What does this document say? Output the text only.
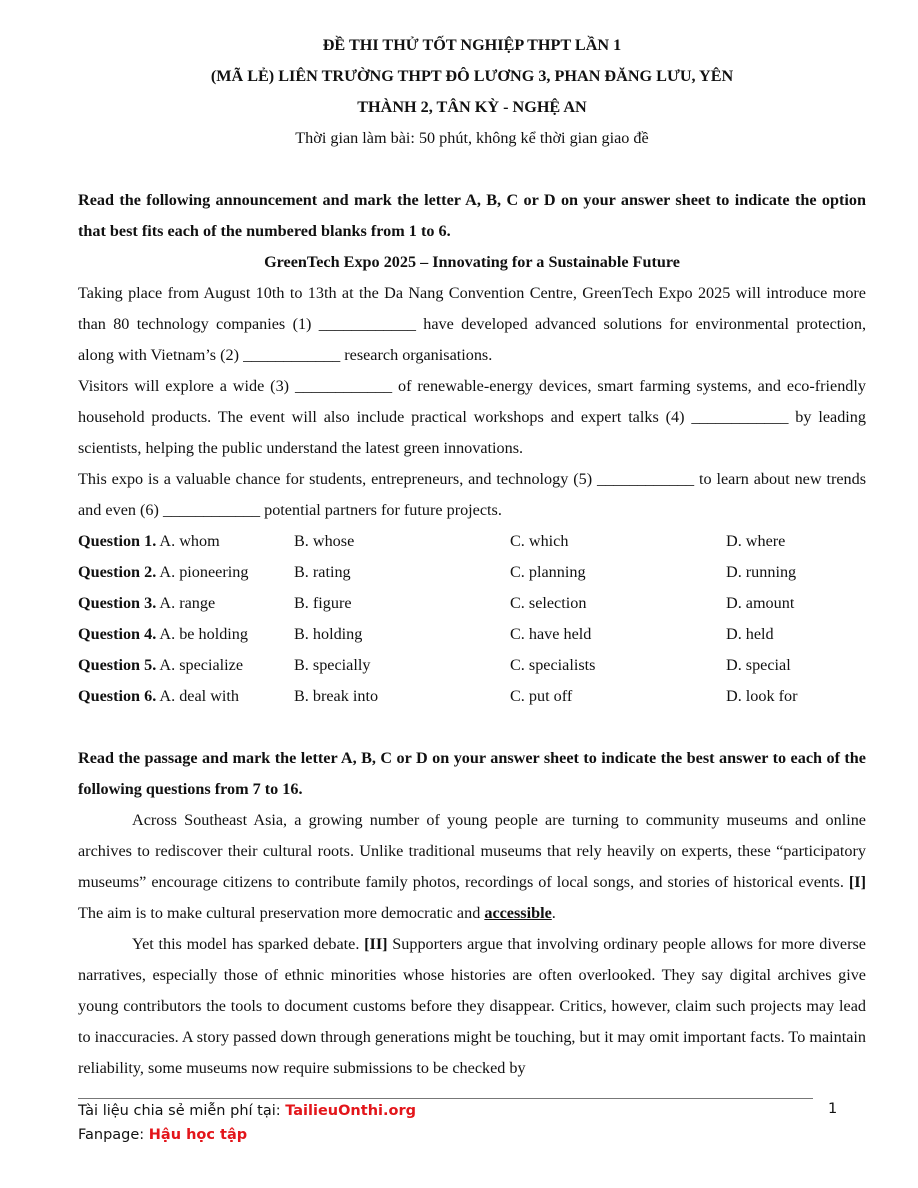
ĐỀ THI THỬ TỐT NGHIỆP THPT LẦN 1
(MÃ LẺ) LIÊN TRƯỜNG THPT ĐÔ LƯƠNG 3, PHAN ĐĂNG LƯU, YÊN
THÀNH 2, TÂN KỲ - NGHỆ AN
Thời gian làm bài: 50 phút, không kể thời gian giao đề

Read the following announcement and mark the letter A, B, C or D on your answer sheet to indicate the option that best fits each of the numbered blanks from 1 to 6.

GreenTech Expo 2025 – Innovating for a Sustainable Future

Taking place from August 10th to 13th at the Da Nang Convention Centre, GreenTech Expo 2025 will introduce more than 80 technology companies (1) ____________ have developed advanced solutions for environmental protection, along with Vietnam’s (2) ____________ research organisations.

Visitors will explore a wide (3) ____________ of renewable-energy devices, smart farming systems, and eco-friendly household products. The event will also include practical workshops and expert talks (4) ____________ by leading scientists, helping the public understand the latest green innovations.

This expo is a valuable chance for students, entrepreneurs, and technology (5) ____________ to learn about new trends and even (6) ____________ potential partners for future projects.

Question 1. A. whom	B. whose	C. which	D. where
Question 2. A. pioneering	B. rating	C. planning	D. running
Question 3. A. range	B. figure	C. selection	D. amount
Question 4. A. be holding	B. holding	C. have held	D. held
Question 5. A. specialize	B. specially	C. specialists	D. special
Question 6. A. deal with	B. break into	C. put off	D. look for

Read the passage and mark the letter A, B, C or D on your answer sheet to indicate the best answer to each of the following questions from 7 to 16.

Across Southeast Asia, a growing number of young people are turning to community museums and online archives to rediscover their cultural roots. Unlike traditional museums that rely heavily on experts, these “participatory museums” encourage citizens to contribute family photos, recordings of local songs, and stories of historical events. [I] The aim is to make cultural preservation more democratic and accessible.

Yet this model has sparked debate. [II] Supporters argue that involving ordinary people allows for more diverse narratives, especially those of ethnic minorities whose histories are often overlooked. They say digital archives give young contributors the tools to document customs before they disappear. Critics, however, claim such projects may lead to inaccuracies. A story passed down through generations might be touching, but it may omit important facts. To maintain reliability, some museums now require submissions to be checked by

Tài liệu chia sẻ miễn phí tại: TailieuOnthi.org
Fanpage: Hậu học tập
1
